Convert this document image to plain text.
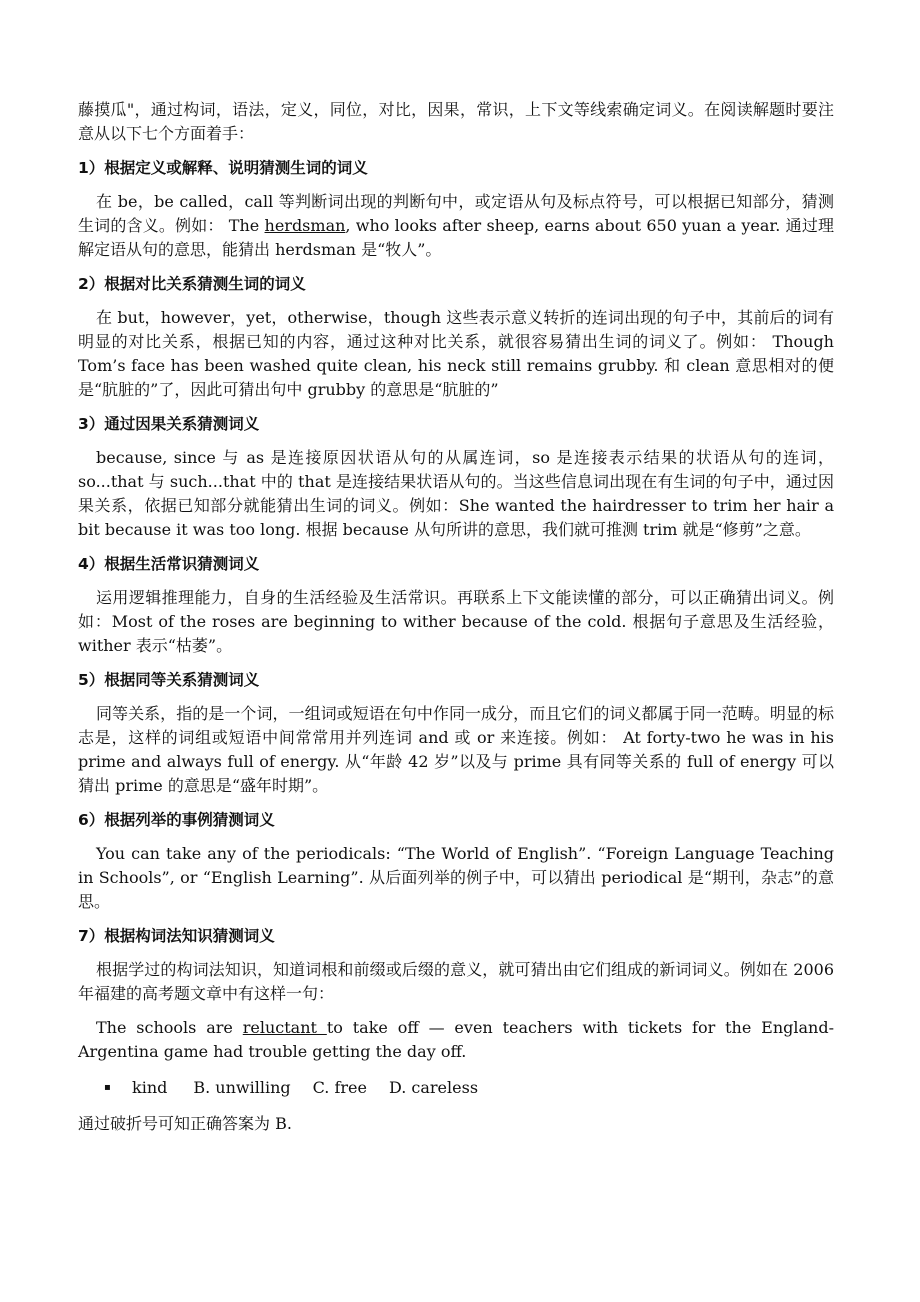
藤摸瓜"，通过构词，语法，定义，同位，对比，因果，常识，上下文等线索确定词义。在阅读解题时要注意从以下七个方面着手：

1）根据定义或解释、说明猜测生词的词义

在 be，be called，call 等判断词出现的判断句中，或定语从句及标点符号，可以根据已知部分，猜测生词的含义。例如： The herdsman, who looks after sheep, earns about 650 yuan a year. 通过理解定语从句的意思，能猜出 herdsman 是“牧人”。

2）根据对比关系猜测生词的词义

在 but，however，yet，otherwise，though 这些表示意义转折的连词出现的句子中，其前后的词有明显的对比关系，根据已知的内容，通过这种对比关系，就很容易猜出生词的词义了。例如： Though Tom’s face has been washed quite clean, his neck still remains grubby. 和 clean 意思相对的便是“肮脏的”了，因此可猜出句中 grubby 的意思是“肮脏的”

3）通过因果关系猜测词义

because, since 与 as 是连接原因状语从句的从属连词，so 是连接表示结果的状语从句的连词，so...that 与 such...that 中的 that 是连接结果状语从句的。当这些信息词出现在有生词的句子中，通过因果关系，依据已知部分就能猜出生词的词义。例如：She wanted the hairdresser to trim her hair a bit because it was too long. 根据 because 从句所讲的意思，我们就可推测 trim 就是“修剪”之意。

4）根据生活常识猜测词义

运用逻辑推理能力，自身的生活经验及生活常识。再联系上下文能读懂的部分，可以正确猜出词义。例如：Most of the roses are beginning to wither because of the cold. 根据句子意思及生活经验，wither 表示“枯萎”。

5）根据同等关系猜测词义

同等关系，指的是一个词，一组词或短语在句中作同一成分，而且它们的词义都属于同一范畴。明显的标志是，这样的词组或短语中间常常用并列连词 and 或 or 来连接。例如： At forty-two he was in his prime and always full of energy. 从“年龄 42 岁”以及与 prime 具有同等关系的 full of energy 可以猜出 prime 的意思是“盛年时期”。

6）根据列举的事例猜测词义

You can take any of the periodicals: “The World of English”. “Foreign Language Teaching in Schools”, or “English Learning”. 从后面列举的例子中，可以猜出 periodical 是“期刊，杂志”的意思。

7）根据构词法知识猜测词义

根据学过的构词法知识，知道词根和前缀或后缀的意义，就可猜出由它们组成的新词词义。例如在 2006 年福建的高考题文章中有这样一句：

The schools are reluctant to take off — even teachers with tickets for the England-Argentina game had trouble getting the day off.

▪	kind B. unwilling C. free D. careless

通过破折号可知正确答案为 B.
